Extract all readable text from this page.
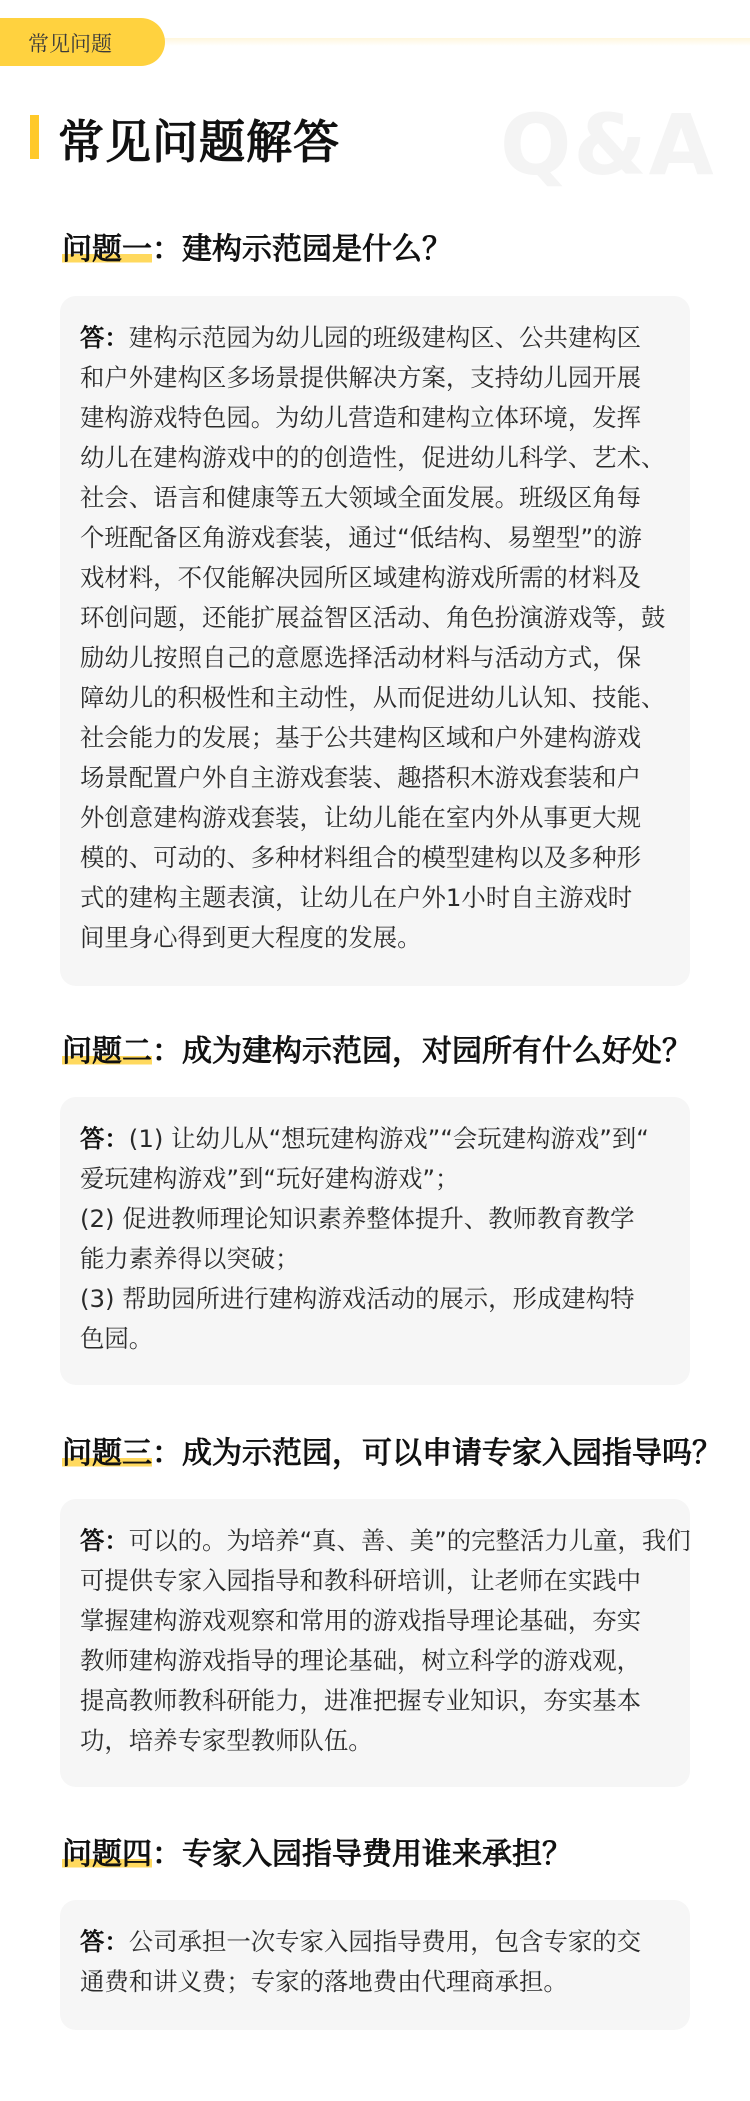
常见问题
Q&A
常见问题解答
问题一：建构示范园是什么？
答：建构示范园为幼儿园的班级建构区、公共建构区
和户外建构区多场景提供解决方案，支持幼儿园开展
建构游戏特色园。为幼儿营造和建构立体环境，发挥
幼儿在建构游戏中的的创造性，促进幼儿科学、艺术、
社会、语言和健康等五大领域全面发展。班级区角每
个班配备区角游戏套装，通过“低结构、易塑型”的游
戏材料，不仅能解决园所区域建构游戏所需的材料及
环创问题，还能扩展益智区活动、角色扮演游戏等，鼓
励幼儿按照自己的意愿选择活动材料与活动方式，保
障幼儿的积极性和主动性，从而促进幼儿认知、技能、
社会能力的发展；基于公共建构区域和户外建构游戏
场景配置户外自主游戏套装、趣搭积木游戏套装和户
外创意建构游戏套装，让幼儿能在室内外从事更大规
模的、可动的、多种材料组合的模型建构以及多种形
式的建构主题表演，让幼儿在户外1小时自主游戏时
间里身心得到更大程度的发展。
问题二：成为建构示范园，对园所有什么好处？
答：(1) 让幼儿从“想玩建构游戏”“会玩建构游戏”到“
爱玩建构游戏”到“玩好建构游戏”；
(2) 促进教师理论知识素养整体提升、教师教育教学
能力素养得以突破；
(3) 帮助园所进行建构游戏活动的展示，形成建构特
色园。
问题三：成为示范园，可以申请专家入园指导吗？
答：可以的。为培养“真、善、美”的完整活力儿童，我们
可提供专家入园指导和教科研培训，让老师在实践中
掌握建构游戏观察和常用的游戏指导理论基础，夯实
教师建构游戏指导的理论基础，树立科学的游戏观，
提高教师教科研能力，进准把握专业知识，夯实基本
功，培养专家型教师队伍。
问题四：专家入园指导费用谁来承担？
答：公司承担一次专家入园指导费用，包含专家的交
通费和讲义费；专家的落地费由代理商承担。
